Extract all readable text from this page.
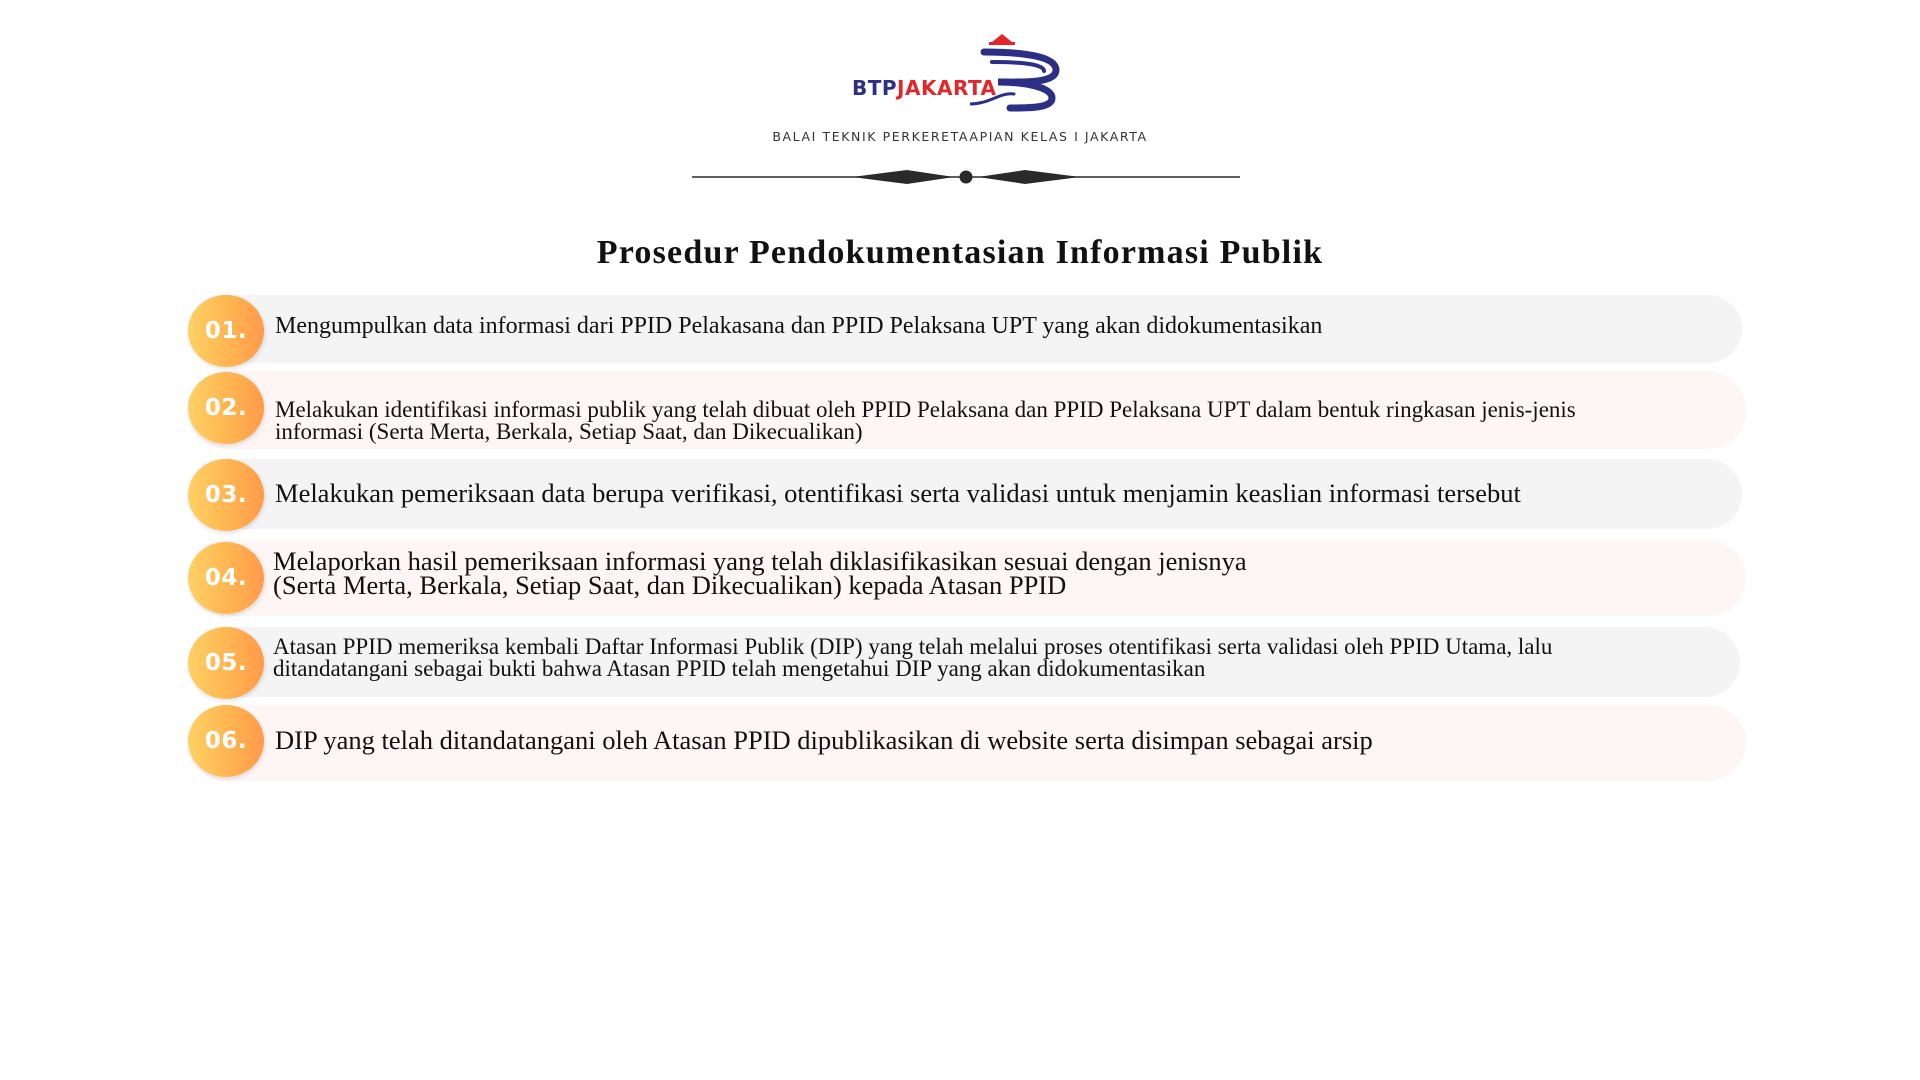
BTPJAKARTA
BALAI TEKNIK PERKERETAAPIAN KELAS I JAKARTA
Prosedur Pendokumentasian Informasi Publik
01. Mengumpulkan data informasi dari PPID Pelakasana dan PPID Pelaksana UPT yang akan didokumentasikan
02. Melakukan identifikasi informasi publik yang telah dibuat oleh PPID Pelaksana dan PPID Pelaksana UPT dalam bentuk ringkasan jenis-jenis
informasi (Serta Merta, Berkala, Setiap Saat, dan Dikecualikan)
03. Melakukan pemeriksaan data berupa verifikasi, otentifikasi serta validasi untuk menjamin keaslian informasi tersebut
04.
Melaporkan hasil pemeriksaan informasi yang telah diklasifikasikan sesuai dengan jenisnya
(Serta Merta, Berkala, Setiap Saat, dan Dikecualikan) kepada Atasan PPID
05.
Atasan PPID memeriksa kembali Daftar Informasi Publik (DIP) yang telah melalui proses otentifikasi serta validasi oleh PPID Utama, lalu
ditandatangani sebagai bukti bahwa Atasan PPID telah mengetahui DIP yang akan didokumentasikan
06. DIP yang telah ditandatangani oleh Atasan PPID dipublikasikan di website serta disimpan sebagai arsip
